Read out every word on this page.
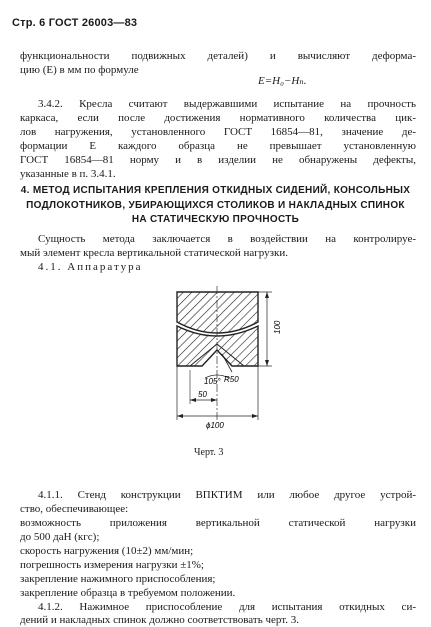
Стр. 6 ГОСТ 26003—83
функциональности подвижных деталей) и вычисляют деформа-
цию (E) в мм по формуле
E=H₀−Hₙ.
3.4.2. Кресла считают выдержавшими испытание на прочность
каркаса, если после достижения нормативного количества цик-
лов нагружения, установленного ГОСТ 16854—81, значение де-
формации E каждого образца не превышает установленную
ГОСТ 16854—81 норму и в изделии не обнаружены дефекты,
указанные в п. 3.4.1.
4. МЕТОД ИСПЫТАНИЯ КРЕПЛЕНИЯ ОТКИДНЫХ СИДЕНИЙ, КОНСОЛЬНЫХ
ПОДЛОКОТНИКОВ, УБИРАЮЩИХСЯ СТОЛИКОВ И НАКЛАДНЫХ СПИНОК
НА СТАТИЧЕСКУЮ ПРОЧНОСТЬ
Сущность метода заключается в воздействии на контролируе-
мый элемент кресла вертикальной статической нагрузки.
4.1. Аппаратура
100
105° R50
50
ϕ100
Черт. 3
4.1.1. Стенд конструкции ВПКТИМ или любое другое устрой-
ство, обеспечивающее:
возможность приложения вертикальной статической нагрузки
до 500 даН (кгс);
скорость нагружения (10±2) мм/мин;
погрешность измерения нагрузки ±1%;
закрепление нажимного приспособления;
закрепление образца в требуемом положении.
4.1.2. Нажимное приспособление для испытания откидных си-
дений и накладных спинок должно соответствовать черт. 3.
